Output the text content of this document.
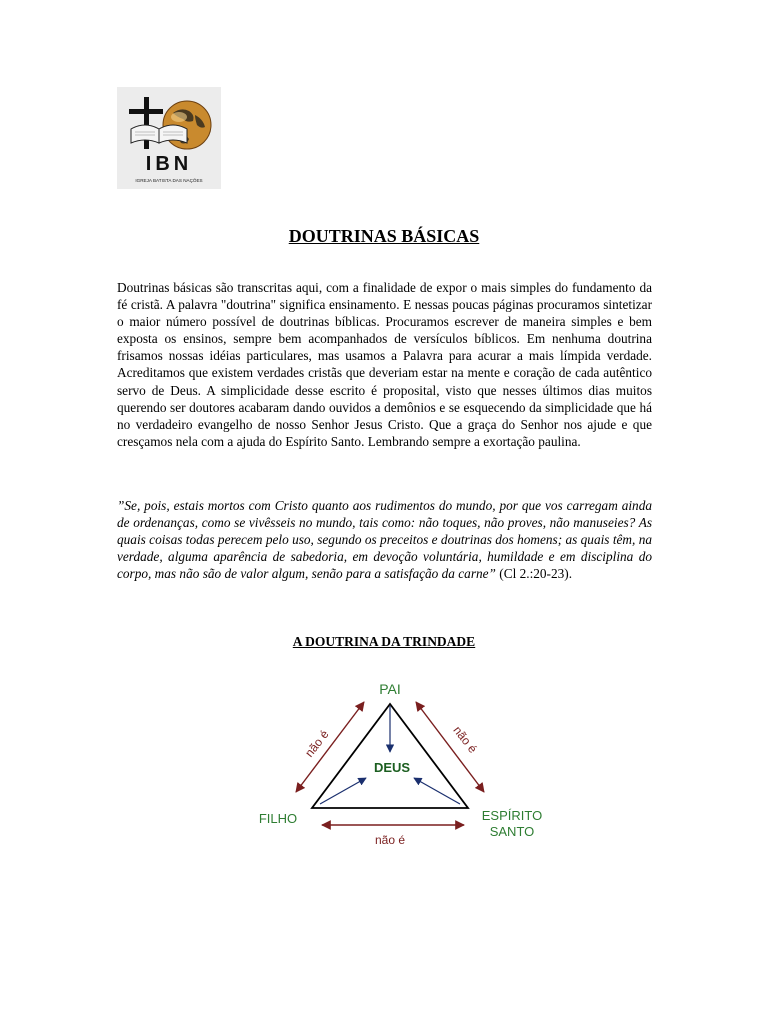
IBN
IGREJA BATISTA DAS NAÇÕES
DOUTRINAS BÁSICAS

Doutrinas básicas são transcritas aqui, com a finalidade de expor o mais simples do fundamento da fé cristã. A palavra "doutrina" significa ensinamento. E nessas poucas páginas procuramos sintetizar o maior número possível de doutrinas bíblicas. Procuramos escrever de maneira simples e bem exposta os ensinos, sempre bem acompanhados de versículos bíblicos. Em nenhuma doutrina frisamos nossas idéias particulares, mas usamos a Palavra para acurar a mais límpida verdade. Acreditamos que existem verdades cristãs que deveriam estar na mente e coração de cada autêntico servo de Deus. A simplicidade desse escrito é proposital, visto que nesses últimos dias muitos querendo ser doutores acabaram dando ouvidos a demônios e se esquecendo da simplicidade que há no verdadeiro evangelho de nosso Senhor Jesus Cristo. Que a graça do Senhor nos ajude e que cresçamos nela com a ajuda do Espírito Santo. Lembrando sempre a exortação paulina.

”Se, pois, estais mortos com Cristo quanto aos rudimentos do mundo, por que vos carregam ainda de ordenanças, como se vivêsseis no mundo, tais como: não toques, não proves, não manuseies? As quais coisas todas perecem pelo uso, segundo os preceitos e doutrinas dos homens; as quais têm, na verdade, alguma aparência de sabedoria, em devoção voluntária, humildade e em disciplina do corpo, mas não são de valor algum, senão para a satisfação da carne” (Cl 2.:20-23).

A DOUTRINA DA TRINDADE
PAI
FILHO	ESPÍRITO
SANTO
DEUS
não é	não é
não é
